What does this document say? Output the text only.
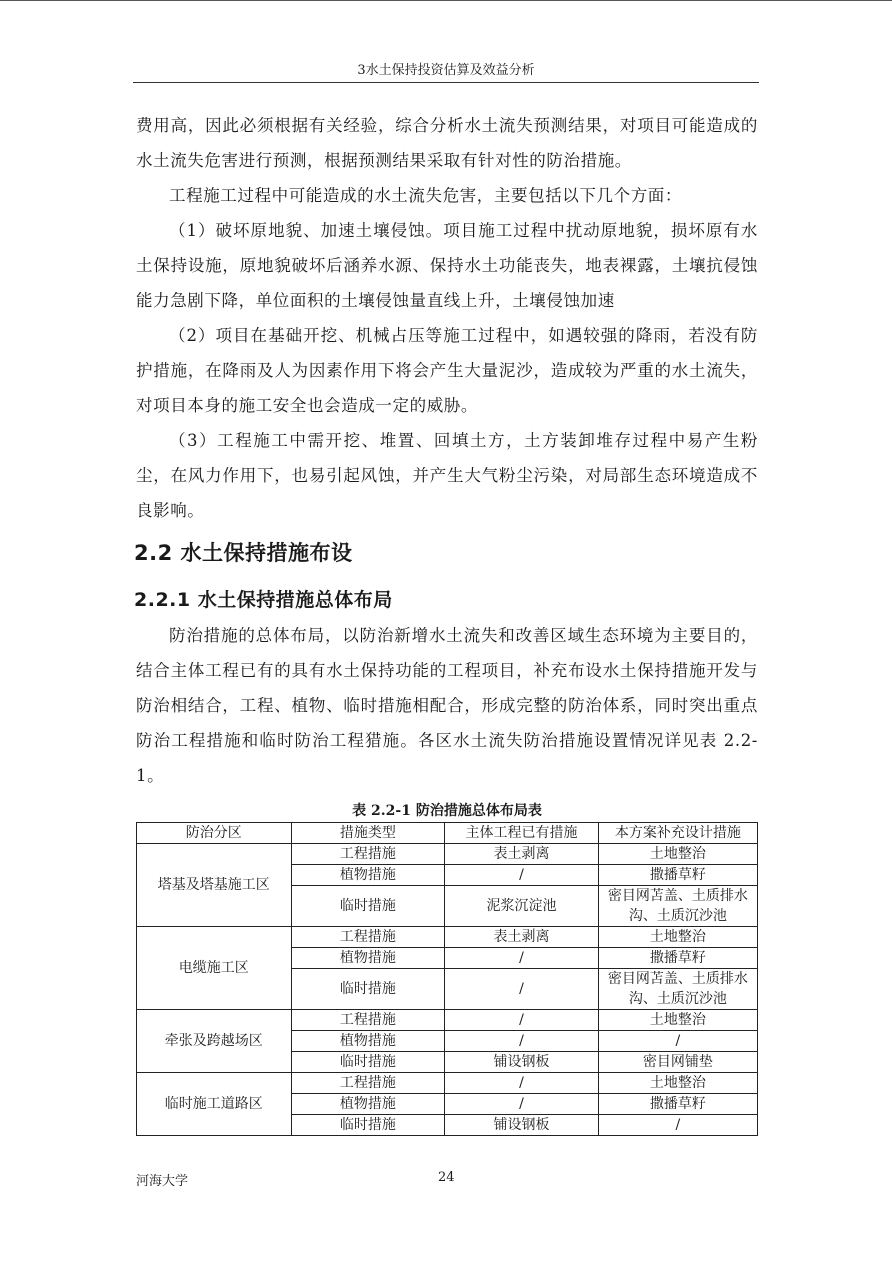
3水土保持投资估算及效益分析

费用高，因此必须根据有关经验，综合分析水土流失预测结果，对项目可能造成的水土流失危害进行预测，根据预测结果采取有针对性的防治措施。

工程施工过程中可能造成的水土流失危害，主要包括以下几个方面：

（1）破坏原地貌、加速土壤侵蚀。项目施工过程中扰动原地貌，损坏原有水土保持设施，原地貌破坏后涵养水源、保持水土功能丧失，地表裸露，土壤抗侵蚀能力急剧下降，单位面积的土壤侵蚀量直线上升，土壤侵蚀加速

（2）项目在基础开挖、机械占压等施工过程中，如遇较强的降雨，若没有防护措施，在降雨及人为因素作用下将会产生大量泥沙，造成较为严重的水土流失，对项目本身的施工安全也会造成一定的威胁。

（3）工程施工中需开挖、堆置、回填土方，土方装卸堆存过程中易产生粉尘，在风力作用下，也易引起风蚀，并产生大气粉尘污染，对局部生态环境造成不良影响。

2.2 水土保持措施布设
2.2.1 水土保持措施总体布局

防治措施的总体布局，以防治新增水土流失和改善区域生态环境为主要目的，结合主体工程已有的具有水土保持功能的工程项目，补充布设水土保持措施开发与防治相结合，工程、植物、临时措施相配合，形成完整的防治体系，同时突出重点防治工程措施和临时防治工程猎施。各区水土流失防治措施设置情况详见表 2.2-1。

表 2.2-1 防治措施总体布局表
防治分区	措施类型	主体工程已有措施	本方案补充设计措施
塔基及塔基施工区	工程措施	表土剥离	土地整治
	植物措施	/	撒播草籽
	临时措施	泥浆沉淀池	密目网苫盖、土质排水沟、土质沉沙池
电缆施工区	工程措施	表土剥离	土地整治
	植物措施	/	撒播草籽
	临时措施	/	密目网苫盖、土质排水沟、土质沉沙池
牵张及跨越场区	工程措施	/	土地整治
	植物措施	/	/
	临时措施	铺设钢板	密目网铺垫
临时施工道路区	工程措施	/	土地整治
	植物措施	/	撒播草籽
	临时措施	铺设钢板	/
河海大学	24
